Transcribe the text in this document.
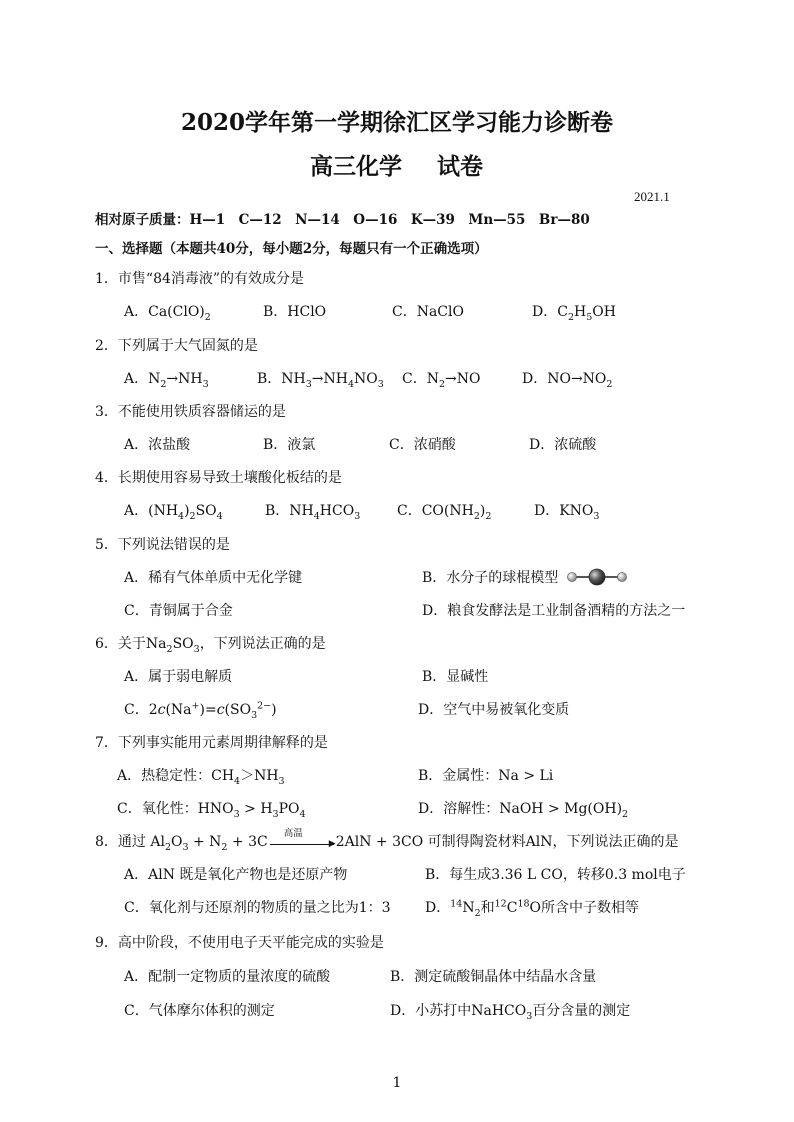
2020学年第一学期徐汇区学习能力诊断卷
高三化学 试卷
2021.1
相对原子质量：H—1　C—12　N—14　O—16　K—39　Mn—55　Br—80
一、选择题（本题共40分，每小题2分，每题只有一个正确选项）
1．市售“84消毒液”的有效成分是
A．$Ca(ClO)_2$	B．HClO	C．NaClO	D．$C_2H_5OH$
2．下列属于大气固氮的是
A．$N_2\to NH_3$	B．$NH_3\to NH_4NO_3$ C．$N_2\to NO$	D．$NO\to NO_2$
3．不能使用铁质容器储运的是
A．浓盐酸	B．液氯	C．浓硝酸	D．浓硫酸
4．长期使用容易导致土壤酸化板结的是
A．$(NH_4)_2SO_4$	B．$NH_4HCO_3$	C．$CO(NH_2)_2$	D．$KNO_3$
5．下列说法错误的是
A．稀有气体单质中无化学键	B．水分子的球棍模型
C．青铜属于合金	D．粮食发酵法是工业制备酒精的方法之一
6．关于$Na_2SO_3$，下列说法正确的是
A．属于弱电解质	B．显碱性
C．$2c(Na^+)=c(SO_3^{2-})$	D．空气中易被氧化变质
7．下列事实能用元素周期律解释的是
A．热稳定性：$CH_4>NH_3$	B．金属性：Na > Li
C．氧化性：$HNO_3 > H_3PO_4$	D．溶解性：NaOH > $Mg(OH)_2$
8．通过 $Al_2O_3 + N_2 + 3C$
高温
▶ 2AlN + 3CO 可制得陶瓷材料AlN，下列说法正确的是
A．AlN 既是氧化产物也是还原产物	B．每生成3.36 L CO，转移0.3 mol电子
C．氧化剂与还原剂的物质的量之比为1：3 D．$^{14}N_2$和$^{12}C^{18}O$所含中子数相等
9．高中阶段，不使用电子天平能完成的实验是
A．配制一定物质的量浓度的硫酸	B．测定硫酸铜晶体中结晶水含量
C．气体摩尔体积的测定	D．小苏打中NaHCO$_3$百分含量的测定
1
